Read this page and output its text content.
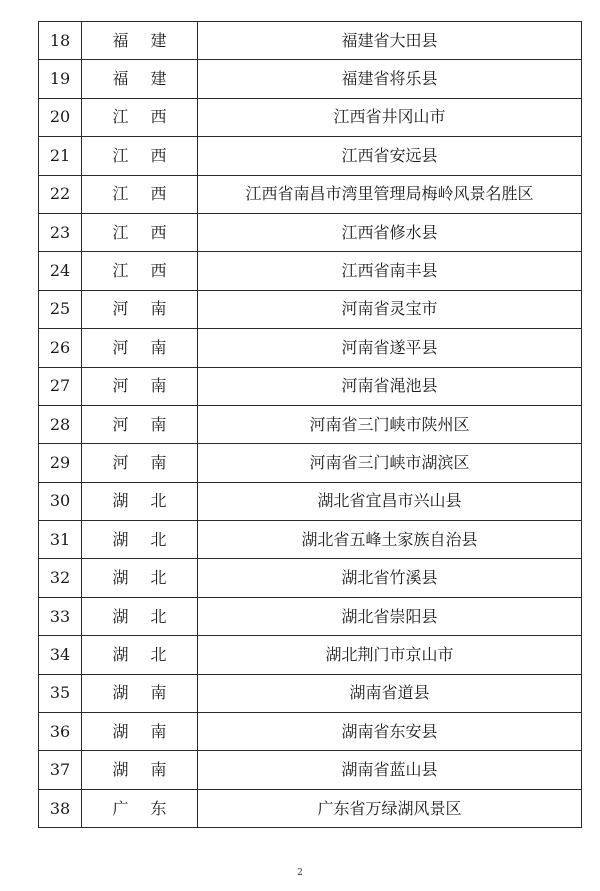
18	福建	福建省大田县
19	福建	福建省将乐县
20	江西	江西省井冈山市
21	江西	江西省安远县
22	江西	江西省南昌市湾里管理局梅岭风景名胜区
23	江西	江西省修水县
24	江西	江西省南丰县
25	河南	河南省灵宝市
26	河南	河南省遂平县
27	河南	河南省渑池县
28	河南	河南省三门峡市陕州区
29	河南	河南省三门峡市湖滨区
30	湖北	湖北省宜昌市兴山县
31	湖北	湖北省五峰土家族自治县
32	湖北	湖北省竹溪县
33	湖北	湖北省崇阳县
34	湖北	湖北荆门市京山市
35	湖南	湖南省道县
36	湖南	湖南省东安县
37	湖南	湖南省蓝山县
38	广东	广东省万绿湖风景区
2
